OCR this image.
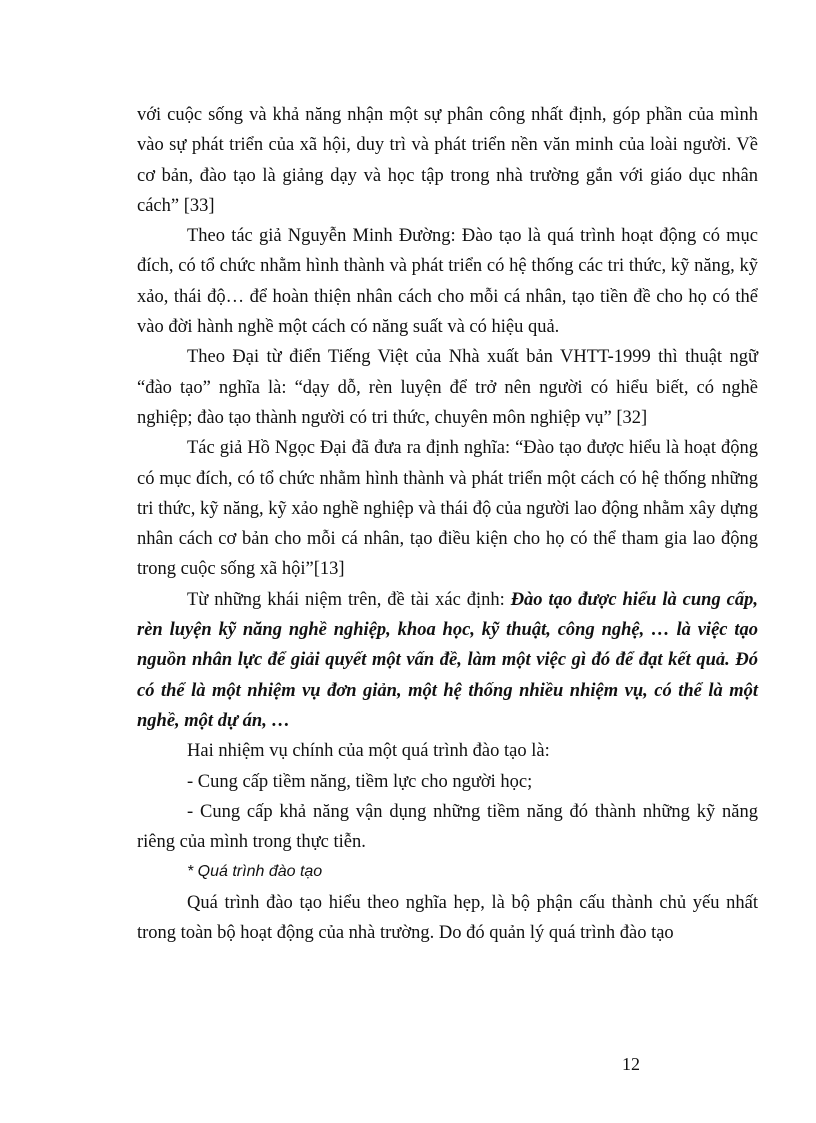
với cuộc sống và khả năng nhận một sự phân công nhất định, góp phần của mình vào sự phát triển của xã hội, duy trì và phát triển nền văn minh của loài người. Về cơ bản, đào tạo là giảng dạy và học tập trong nhà trường gắn với giáo dục nhân cách” [33]

Theo tác giả Nguyễn Minh Đường: Đào tạo là quá trình hoạt động có mục đích, có tổ chức nhằm hình thành và phát triển có hệ thống các tri thức, kỹ năng, kỹ xảo, thái độ… để hoàn thiện nhân cách cho mỗi cá nhân, tạo tiền đề cho họ có thể vào đời hành nghề một cách có năng suất và có hiệu quả.

Theo Đại từ điển Tiếng Việt của Nhà xuất bản VHTT-1999 thì thuật ngữ “đào tạo” nghĩa là: “dạy dỗ, rèn luyện để trở nên người có hiểu biết, có nghề nghiệp; đào tạo thành người có tri thức, chuyên môn nghiệp vụ” [32]

Tác giả Hồ Ngọc Đại đã đưa ra định nghĩa: “Đào tạo được hiểu là hoạt động có mục đích, có tổ chức nhằm hình thành và phát triển một cách có hệ thống những tri thức, kỹ năng, kỹ xảo nghề nghiệp và thái độ của người lao động nhằm xây dựng nhân cách cơ bản cho mỗi cá nhân, tạo điều kiện cho họ có thể tham gia lao động trong cuộc sống xã hội”[13]

Từ những khái niệm trên, đề tài xác định: Đào tạo được hiểu là cung cấp, rèn luyện kỹ năng nghề nghiệp, khoa học, kỹ thuật, công nghệ, … là việc tạo nguồn nhân lực để giải quyết một vấn đề, làm một việc gì đó để đạt kết quả. Đó có thể là một nhiệm vụ đơn giản, một hệ thống nhiều nhiệm vụ, có thể là một nghề, một dự án, …

Hai nhiệm vụ chính của một quá trình đào tạo là:

- Cung cấp tiềm năng, tiềm lực cho người học;

- Cung cấp khả năng vận dụng những tiềm năng đó thành những kỹ năng riêng của mình trong thực tiễn.

* Quá trình đào tạo

Quá trình đào tạo hiểu theo nghĩa hẹp, là bộ phận cấu thành chủ yếu nhất trong toàn bộ hoạt động của nhà trường. Do đó quản lý quá trình đào tạo

12
